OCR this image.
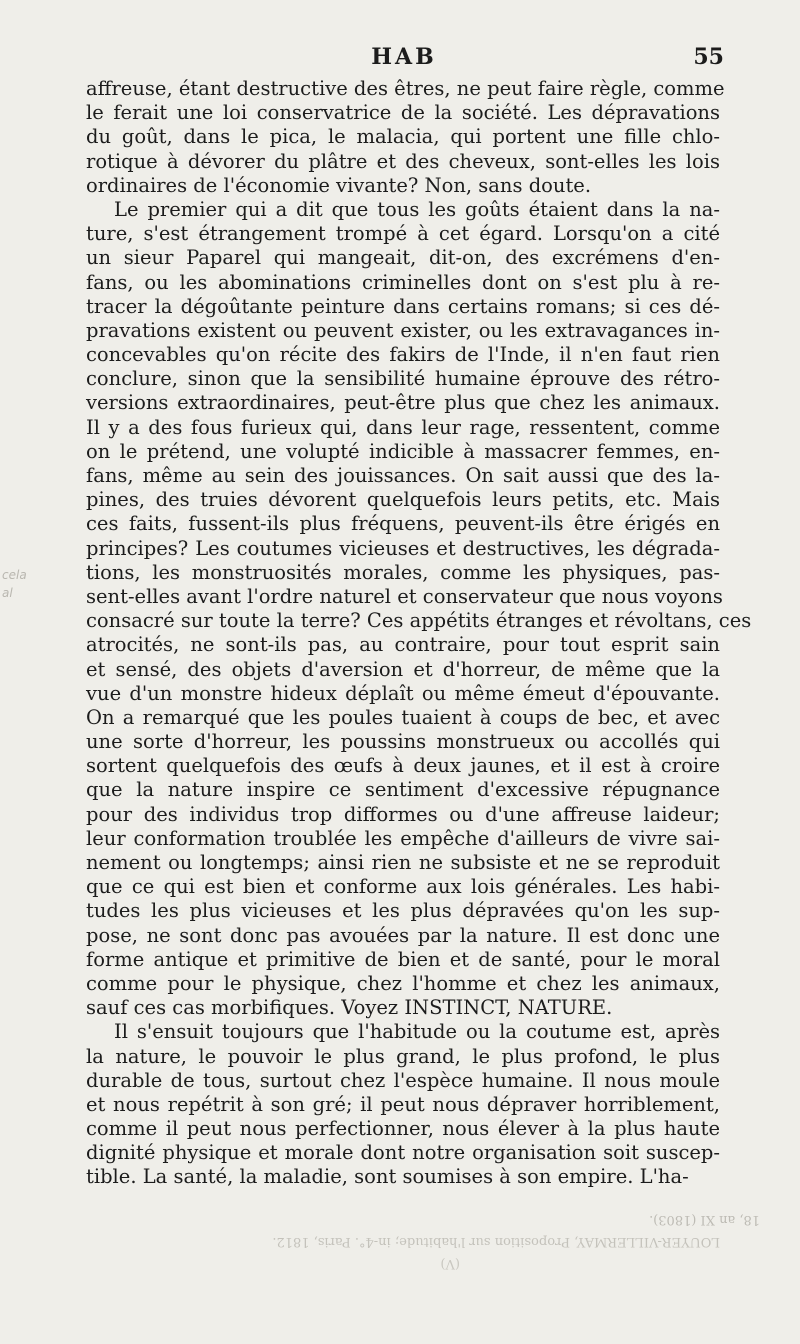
HAB	55
cela
al
affreuse, étant destructive des êtres, ne peut faire règle, comme
le ferait une loi conservatrice de la société. Les dépravations
du goût, dans le pica, le malacia, qui portent une fille chlo-
rotique à dévorer du plâtre et des cheveux, sont-elles les lois
ordinaires de l'économie vivante? Non, sans doute.
Le premier qui a dit que tous les goûts étaient dans la na-
ture, s'est étrangement trompé à cet égard. Lorsqu'on a cité
un sieur Paparel qui mangeait, dit-on, des excrémens d'en-
fans, ou les abominations criminelles dont on s'est plu à re-
tracer la dégoûtante peinture dans certains romans; si ces dé-
pravations existent ou peuvent exister, ou les extravagances in-
concevables qu'on récite des fakirs de l'Inde, il n'en faut rien
conclure, sinon que la sensibilité humaine éprouve des rétro-
versions extraordinaires, peut-être plus que chez les animaux.
Il y a des fous furieux qui, dans leur rage, ressentent, comme
on le prétend, une volupté indicible à massacrer femmes, en-
fans, même au sein des jouissances. On sait aussi que des la-
pines, des truies dévorent quelquefois leurs petits, etc. Mais
ces faits, fussent-ils plus fréquens, peuvent-ils être érigés en
principes? Les coutumes vicieuses et destructives, les dégrada-
tions, les monstruosités morales, comme les physiques, pas-
sent-elles avant l'ordre naturel et conservateur que nous voyons
consacré sur toute la terre? Ces appétits étranges et révoltans, ces
atrocités, ne sont-ils pas, au contraire, pour tout esprit sain
et sensé, des objets d'aversion et d'horreur, de même que la
vue d'un monstre hideux déplaît ou même émeut d'épouvante.
On a remarqué que les poules tuaient à coups de bec, et avec
une sorte d'horreur, les poussins monstrueux ou accollés qui
sortent quelquefois des œufs à deux jaunes, et il est à croire
que la nature inspire ce sentiment d'excessive répugnance
pour des individus trop difformes ou d'une affreuse laideur;
leur conformation troublée les empêche d'ailleurs de vivre sai-
nement ou longtemps; ainsi rien ne subsiste et ne se reproduit
que ce qui est bien et conforme aux lois générales. Les habi-
tudes les plus vicieuses et les plus dépravées qu'on les sup-
pose, ne sont donc pas avouées par la nature. Il est donc une
forme antique et primitive de bien et de santé, pour le moral
comme pour le physique, chez l'homme et chez les animaux,
sauf ces cas morbifiques. Voyez INSTINCT, NATURE.
Il s'ensuit toujours que l'habitude ou la coutume est, après
la nature, le pouvoir le plus grand, le plus profond, le plus
durable de tous, surtout chez l'espèce humaine. Il nous moule
et nous repétrit à son gré; il peut nous dépraver horriblement,
comme il peut nous perfectionner, nous élever à la plus haute
dignité physique et morale dont notre organisation soit suscep-
tible. La santé, la maladie, sont soumises à son empire. L'ha-
18, an XI (1803).
LOUYER-VILLERMAY, Proposition sur l'habitude; in-4°. Paris, 1812.
(V)
